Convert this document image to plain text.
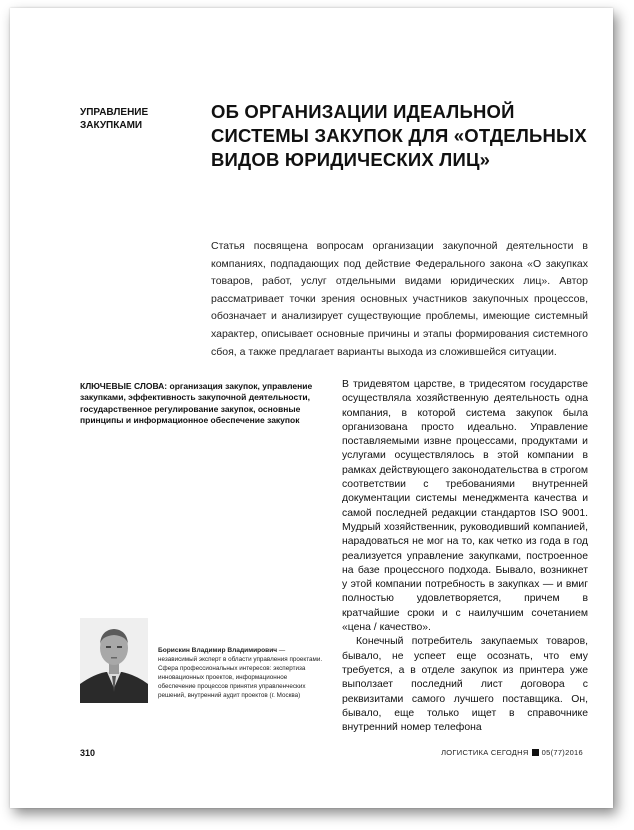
УПРАВЛЕНИЕ ЗАКУПКАМИ
ОБ ОРГАНИЗАЦИИ ИДЕАЛЬНОЙ СИСТЕМЫ ЗАКУПОК ДЛЯ «ОТДЕЛЬНЫХ ВИДОВ ЮРИДИЧЕСКИХ ЛИЦ»
Статья посвящена вопросам организации закупочной деятельности в компаниях, подпадающих под действие Федерального закона «О закупках товаров, работ, услуг отдельными видами юридических лиц». Автор рассматривает точки зрения основных участников закупочных процессов, обозначает и анализирует существующие проблемы, имеющие системный характер, описывает основные причины и этапы формирования системного сбоя, а также предлагает варианты выхода из сложившейся ситуации.
КЛЮЧЕВЫЕ СЛОВА: организация закупок, управление закупками, эффективность закупочной деятельности, государственное регулирование закупок, основные принципы и информационное обеспечение закупок

В тридевятом царстве, в тридесятом государстве осуществляла хозяйственную деятельность одна компания, в которой система закупок была организована просто идеально. Управление поставляемыми извне процессами, продуктами и услугами осуществлялось в этой компании в рамках действующего законодательства в строгом соответствии с требованиями внутренней документации системы менеджмента качества и самой последней редакции стандартов ISO 9001. Мудрый хозяйственник, руководивший компанией, нарадоваться не мог на то, как четко из года в год реализуется управление закупками, построенное на базе процессного подхода. Бывало, возникнет у этой компании потребность в закупках — и вмиг полностью удовлетворяется, причем в кратчайшие сроки и с наилучшим сочетанием «цена / качество».

Конечный потребитель закупаемых товаров, бывало, не успеет еще осознать, что ему требуется, а в отделе закупок из принтера уже выползает последний лист договора с реквизитами самого лучшего поставщика. Он, бывало, еще только ищет в справочнике внутренний номер телефона

Борискин Владимир Владимирович — независимый эксперт в области управления проектами. Сфера профессиональных интересов: экспертиза инновационных проектов, информационное обеспечение процессов принятия управленческих решений, внутренний аудит проектов (г. Москва)
310	ЛОГИСТИКА СЕГОДНЯ 05(77)2016
